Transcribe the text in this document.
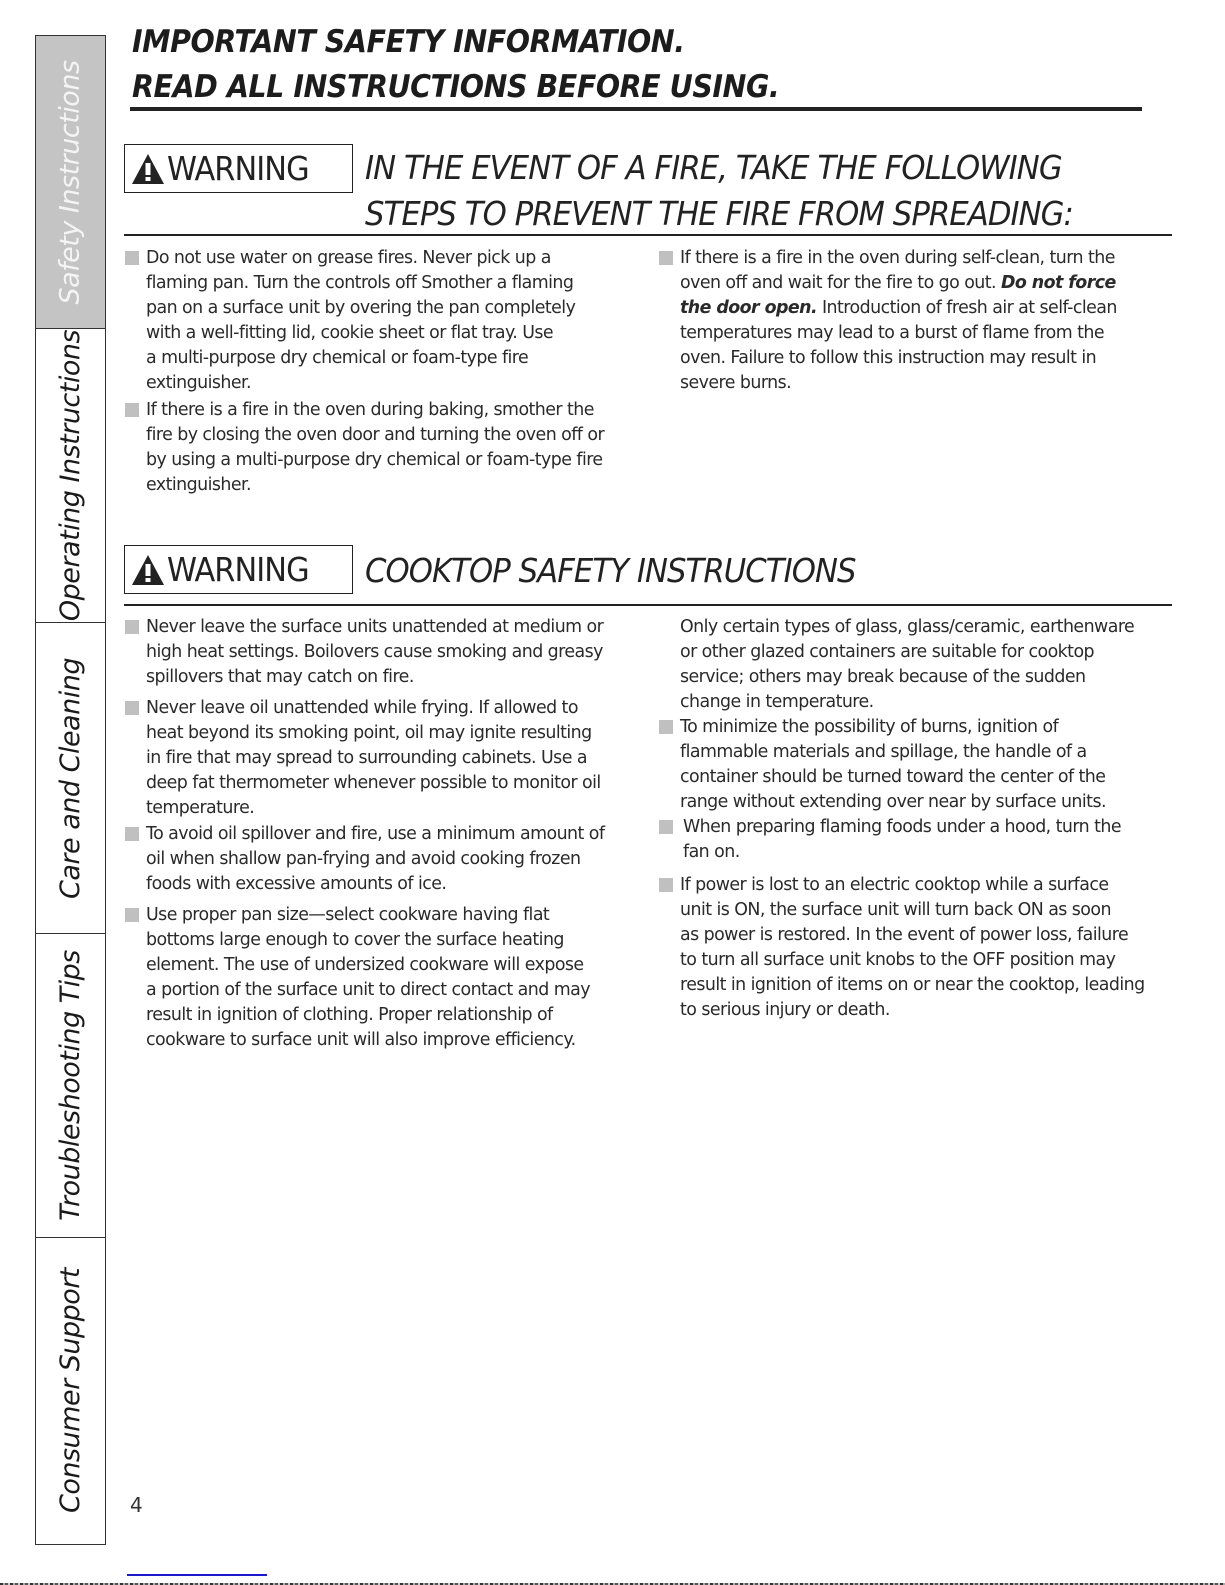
Safety Instructions
Operating Instructions
Care and Cleaning
Troubleshooting Tips
Consumer Support
IMPORTANT SAFETY INFORMATION.
READ ALL INSTRUCTIONS BEFORE USING.
WARNING IN THE EVENT OF A FIRE, TAKE THE FOLLOWING
STEPS TO PREVENT THE FIRE FROM SPREADING:
Do not use water on grease fires. Never pick up a
flaming pan. Turn the controls off Smother a flaming
pan on a surface unit by overing the pan completely
with a well-fitting lid, cookie sheet or flat tray. Use
a multi-purpose dry chemical or foam-type fire
extinguisher.
If there is a fire in the oven during baking, smother the
fire by closing the oven door and turning the oven off or
by using a multi-purpose dry chemical or foam-type fire
extinguisher.
If there is a fire in the oven during self-clean, turn the
oven off and wait for the fire to go out. Do not force
the door open. Introduction of fresh air at self-clean
temperatures may lead to a burst of flame from the
oven. Failure to follow this instruction may result in
severe burns.
WARNING COOKTOP SAFETY INSTRUCTIONS
Never leave the surface units unattended at medium or
high heat settings. Boilovers cause smoking and greasy
spillovers that may catch on fire.
Never leave oil unattended while frying. If allowed to
heat beyond its smoking point, oil may ignite resulting
in fire that may spread to surrounding cabinets. Use a
deep fat thermometer whenever possible to monitor oil
temperature.
To avoid oil spillover and fire, use a minimum amount of
oil when shallow pan-frying and avoid cooking frozen
foods with excessive amounts of ice.
Use proper pan size—select cookware having flat
bottoms large enough to cover the surface heating
element. The use of undersized cookware will expose
a portion of the surface unit to direct contact and may
result in ignition of clothing. Proper relationship of
cookware to surface unit will also improve efficiency.
Only certain types of glass, glass/ceramic, earthenware
or other glazed containers are suitable for cooktop
service; others may break because of the sudden
change in temperature.
To minimize the possibility of burns, ignition of
flammable materials and spillage, the handle of a
container should be turned toward the center of the
range without extending over near by surface units.
When preparing flaming foods under a hood, turn the
fan on.
If power is lost to an electric cooktop while a surface
unit is ON, the surface unit will turn back ON as soon
as power is restored. In the event of power loss, failure
to turn all surface unit knobs to the OFF position may
result in ignition of items on or near the cooktop, leading
to serious injury or death.
4
